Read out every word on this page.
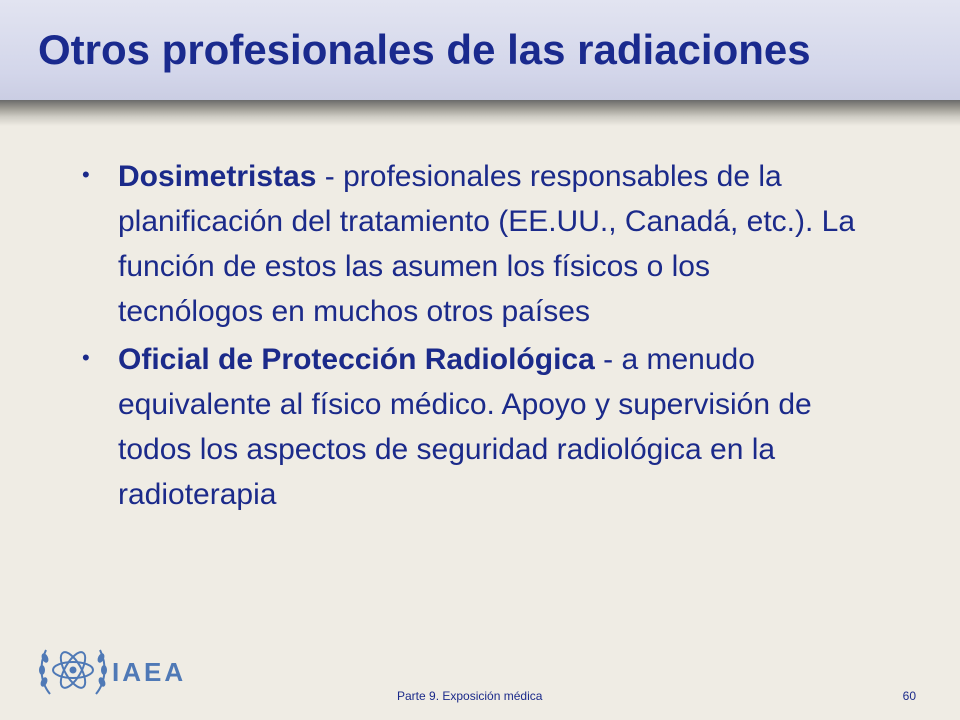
Otros profesionales de las radiaciones
• Dosimetristas - profesionales responsables de la planificación del tratamiento (EE.UU., Canadá, etc.). La función de estos las asumen los físicos o los tecnólogos en muchos otros países
• Oficial de Protección Radiológica - a menudo equivalente al físico médico. Apoyo y supervisión de todos los aspectos de seguridad radiológica en la radioterapia
IAEA
Parte 9. Exposición médica	60
